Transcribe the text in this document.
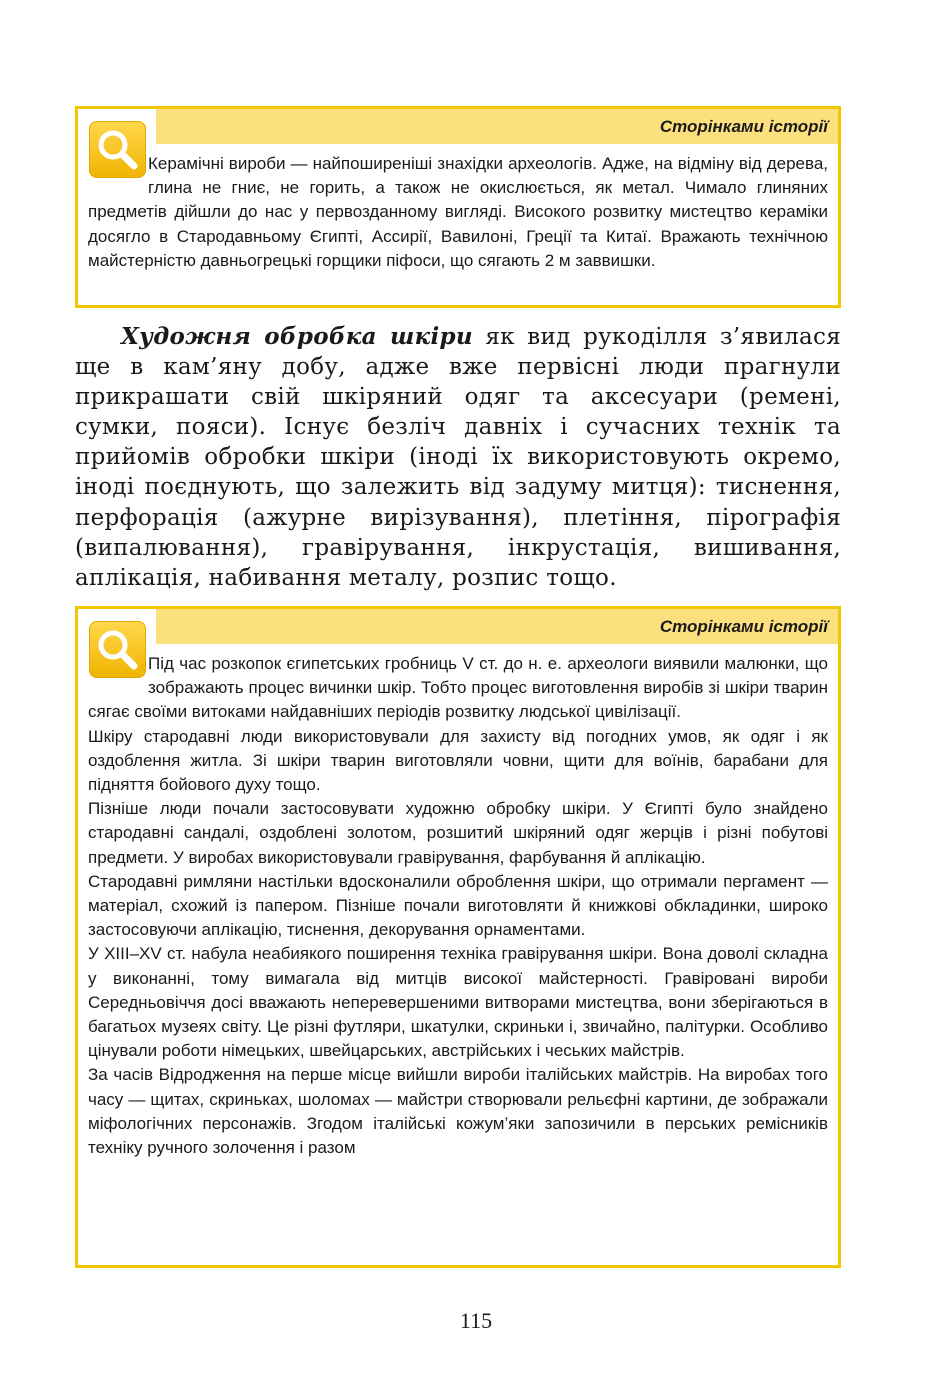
Сторінками історії

Керамічні вироби — найпоширеніші знахідки археологів. Адже, на відміну від дерева, глина не гниє, не горить, а також не окислюється, як метал. Чимало глиняних предметів дійшли до нас у первозданному вигляді. Високого розвитку мистецтво кераміки досягло в Стародавньому Єгипті, Ассирії, Вавилоні, Греції та Китаї. Вражають технічною майстерністю давньогрецькі горщики піфоси, що сягають 2 м заввишки.

Художня обробка шкіри як вид рукоділля з’явилася ще в кам’яну добу, адже вже первісні люди прагнули прикрашати свій шкіряний одяг та аксесуари (ремені, сумки, пояси). Існує безліч давніх і сучасних технік та прийомів обробки шкіри (іноді їх використовують окремо, іноді поєднують, що залежить від задуму митця): тиснення, перфорація (ажурне вирізування), плетіння, пірографія (випалювання), гравірування, інкрустація, вишивання, аплікація, набивання металу, розпис тощо.

Сторінками історії

Під час розкопок єгипетських гробниць V ст. до н. е. археологи виявили малюнки, що зображають процес вичинки шкір. Тобто процес виготовлення виробів зі шкіри тварин сягає своїми витоками найдавніших періодів розвитку людської цивілізації.

Шкіру стародавні люди використовували для захисту від погодних умов, як одяг і як оздоблення житла. Зі шкіри тварин виготовляли човни, щити для воїнів, барабани для підняття бойового духу тощо.

Пізніше люди почали застосовувати художню обробку шкіри. У Єгипті було знайдено стародавні сандалі, оздоблені золотом, розшитий шкіряний одяг жерців і різні побутові предмети. У виробах використовували гравірування, фарбування й аплікацію.

Стародавні римляни настільки вдосконалили оброблення шкіри, що отримали пергамент — матеріал, схожий із папером. Пізніше почали виготовляти й книжкові обкладинки, широко застосовуючи аплікацію, тиснення, декорування орнаментами.

У XIII–XV ст. набула неабиякого поширення техніка гравірування шкіри. Вона доволі складна у виконанні, тому вимагала від митців високої майстерності. Гравіровані вироби Середньовіччя досі вважають неперевершеними витворами мистецтва, вони зберігаються в багатьох музеях світу. Це різні футляри, шкатулки, скриньки і, звичайно, палітурки. Особливо цінували роботи німецьких, швейцарських, австрійських і чеських майстрів.

За часів Відродження на перше місце вийшли вироби італійських майстрів. На виробах того часу — щитах, скриньках, шоломах — майстри створювали рельєфні картини, де зображали міфологічних персонажів. Згодом італійські кожум’яки запозичили в перських ремісників техніку ручного золочення і разом

115
